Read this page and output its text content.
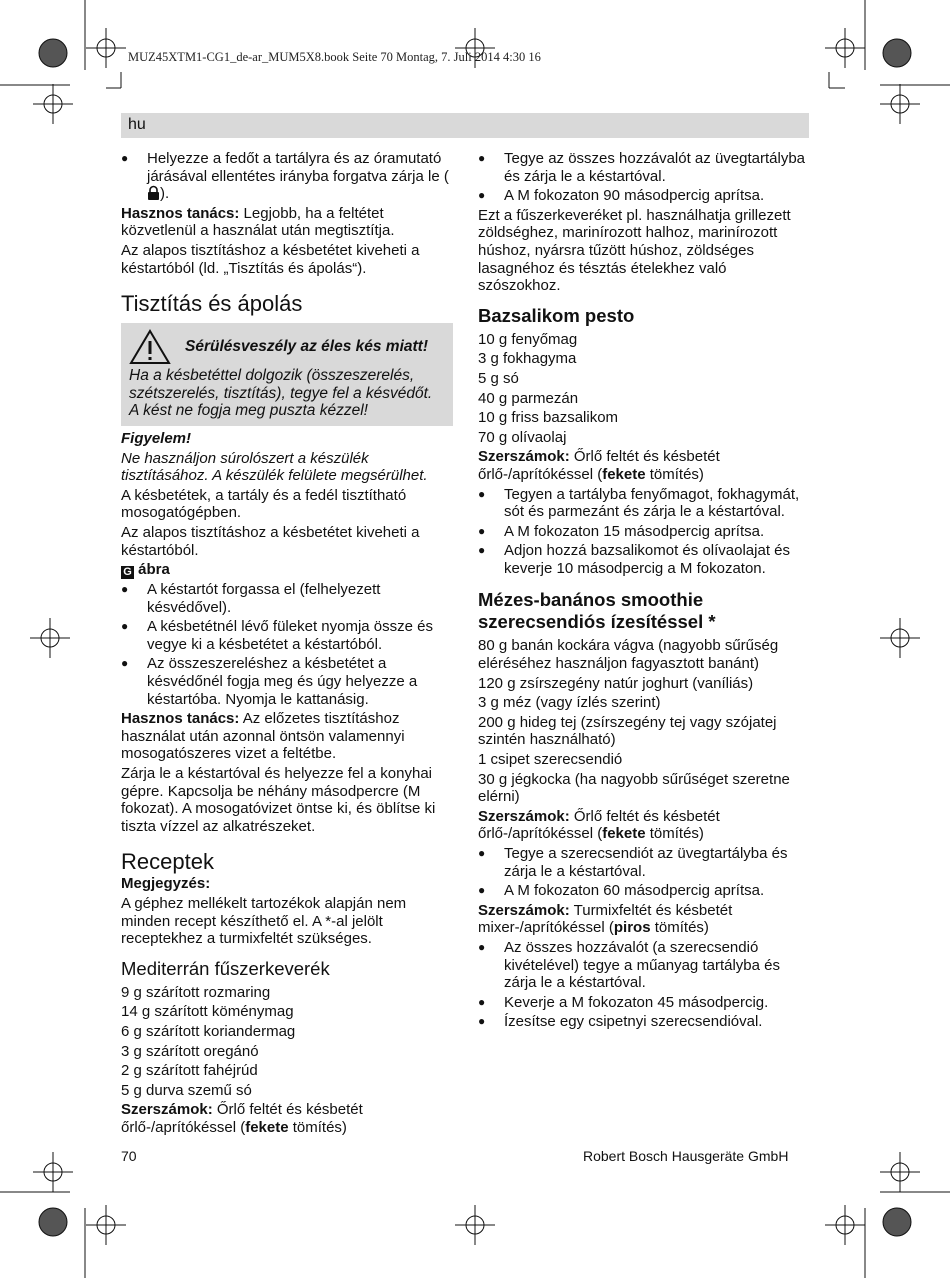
MUZ45XTM1-CG1_de-ar_MUM5X8.book Seite 70 Montag, 7. Juli 2014 4:30 16
hu
● Helyezze a fedőt a tartályra és az óramutató járásával ellentétes irányba forgatva zárja le ().
Hasznos tanács: Legjobb, ha a feltétet közvetlenül a használat után megtisztítja.
Az alapos tisztításhoz a késbetétet kiveheti a késtartóból (ld. „Tisztítás és ápolás“).
Tisztítás és ápolás
Sérülésveszély az éles kés miatt!
Ha a késbetéttel dolgozik (összeszerelés, szétszerelés, tisztítás), tegye fel a késvédőt. A kést ne fogja meg puszta kézzel!
Figyelem!
Ne használjon súrolószert a készülék tisztításához. A készülék felülete megsérülhet.
A késbetétek, a tartály és a fedél tisztítható mosogatógépben.
Az alapos tisztításhoz a késbetétet kiveheti a késtartóból.
G ábra
● A késtartót forgassa el (felhelyezett késvédővel).
● A késbetétnél lévő füleket nyomja össze és vegye ki a késbetétet a késtartóból.
● Az összeszereléshez a késbetétet a késvédőnél fogja meg és úgy helyezze a késtartóba. Nyomja le kattanásig.
Hasznos tanács: Az előzetes tisztításhoz használat után azonnal öntsön valamennyi mosogatószeres vizet a feltétbe.
Zárja le a késtartóval és helyezze fel a konyhai gépre. Kapcsolja be néhány másodpercre (M fokozat). A mosogatóvizet öntse ki, és öblítse ki tiszta vízzel az alkatrészeket.
Receptek
Megjegyzés:
A géphez mellékelt tartozékok alapján nem minden recept készíthető el. A *-al jelölt receptekhez a turmixfeltét szükséges.
Mediterrán fűszerkeverék
9 g szárított rozmaring
14 g szárított köménymag
6 g szárított koriandermag
3 g szárított oregánó
2 g szárított fahéjrúd
5 g durva szemű só
Szerszámok: Őrlő feltét és késbetét őrlő-/aprítókéssel (fekete tömítés)
● Tegye az összes hozzávalót az üvegtartályba és zárja le a késtartóval.
● A M fokozaton 90 másodpercig aprítsa.
Ezt a fűszerkeveréket pl. használhatja grillezett zöldséghez, marinírozott halhoz, marinírozott húshoz, nyársra tűzött húshoz, zöldséges lasagnéhoz és tésztás ételekhez való szószokhoz.
Bazsalikom pesto
10 g fenyőmag
3 g fokhagyma
5 g só
40 g parmezán
10 g friss bazsalikom
70 g olívaolaj
Szerszámok: Őrlő feltét és késbetét őrlő-/aprítókéssel (fekete tömítés)
● Tegyen a tartályba fenyőmagot, fokhagymát, sót és parmezánt és zárja le a késtartóval.
● A M fokozaton 15 másodpercig aprítsa.
● Adjon hozzá bazsalikomot és olívaolajat és keverje 10 másodpercig a M fokozaton.
Mézes-banános smoothie
szerecsendiós ízesítéssel *
80 g banán kockára vágva (nagyobb sűrűség eléréséhez használjon fagyasztott banánt)
120 g zsírszegény natúr joghurt (vaníliás)
3 g méz (vagy ízlés szerint)
200 g hideg tej (zsírszegény tej vagy szójatej szintén használható)
1 csipet szerecsendió
30 g jégkocka (ha nagyobb sűrűséget szeretne elérni)
Szerszámok: Őrlő feltét és késbetét őrlő-/aprítókéssel (fekete tömítés)
● Tegye a szerecsendiót az üvegtartályba és zárja le a késtartóval.
● A M fokozaton 60 másodpercig aprítsa.
Szerszámok: Turmixfeltét és késbetét mixer-/aprítókéssel (piros tömítés)
● Az összes hozzávalót (a szerecsendió kivételével) tegye a műanyag tartályba és zárja le a késtartóval.
● Keverje a M fokozaton 45 másodpercig.
● Ízesítse egy csipetnyi szerecsendióval.
70	Robert Bosch Hausgeräte GmbH
